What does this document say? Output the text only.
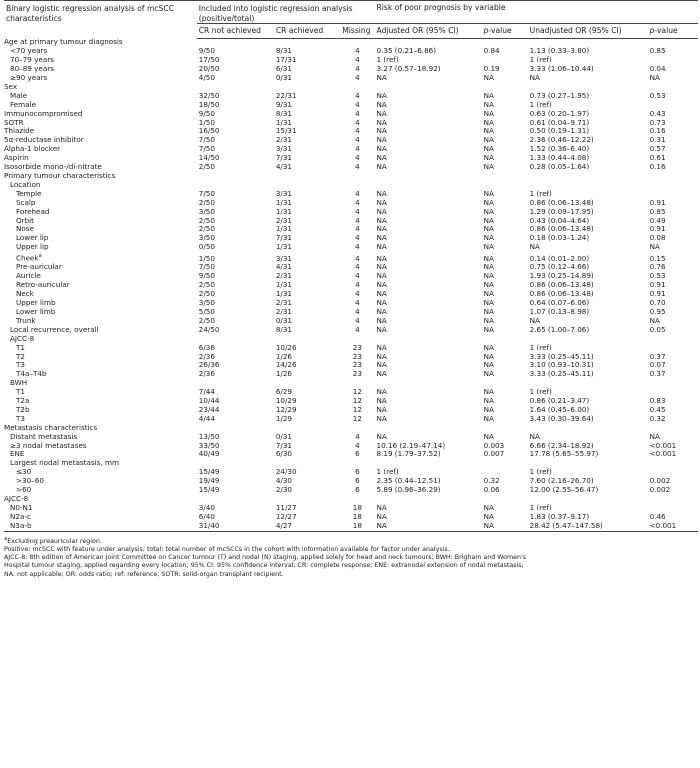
Binary logistic regression analysis of mcSCC characteristics	Included into logistic regression analysis (positive/total)			Risk of poor prognosis by variable			
	CR not achieved	CR achieved	Missing	Adjusted OR (95% CI)	p-value	Unadjusted OR (95% CI)	p-value
Age at primary tumour diagnosis							
<70 years	9/50	8/31	4	0.35 (0.21–6.86)	0.84	1.13 (0.33–3.80)	0.85
70–79 years	17/50	17/31	4	1 (ref)		1 (ref)	
80–89 years	20/50	6/31	4	3.27 (0.57–18.92)	0.19	3.33 (1.06–10.44)	0.04
≥90 years	4/50	0/31	4	NA	NA	NA	NA
Sex							
Male	32/50	22/31	4	NA	NA	0.73 (0.27–1.95)	0.53
Female	18/50	9/31	4	NA	NA	1 (ref)	
Immunocompromised	9/50	8/31	4	NA	NA	0.63 (0.20–1.97)	0.43
SOTR	1/50	1/31	4	NA	NA	0.61 (0.04–9.71)	0.73
Thiazide	16/50	15/31	4	NA	NA	0.50 (0.19–1.31)	0.16
5α-reductase inhibitor	7/50	2/31	4	NA	NA	2.36 (0.46–12.22)	0.31
Alpha-1 blocker	7/50	3/31	4	NA	NA	1.52 (0.36–6.40)	0.57
Aspirin	14/50	7/31	4	NA	NA	1.33 (0.44–4.08)	0.61
Isosorbide mono-/di-nitrate	2/50	4/31	4	NA	NA	0.28 (0.05–1.64)	0.16
Primary tumour characteristics							
Location							
Temple	7/50	3/31	4	NA	NA	1 (ref)	
Scalp	2/50	1/31	4	NA	NA	0.86 (0.06–13.48)	0.91
Forehead	3/50	1/31	4	NA	NA	1.29 (0.09–17.95)	0.85
Orbit	2/50	2/31	4	NA	NA	0.43 (0.04–4.64)	0.49
Nose	2/50	1/31	4	NA	NA	0.86 (0.06–13.48)	0.91
Lower lip	3/50	7/31	4	NA	NA	0.18 (0.03–1.24)	0.08
Upper lip	0/50	1/31	4	NA	NA	NA	NA
Cheek$^a$	1/50	3/31	4	NA	NA	0.14 (0.01–2.00)	0.15
Pre-auricular	7/50	4/31	4	NA	NA	0.75 (0.12–4.66)	0.76
Auricle	9/50	2/31	4	NA	NA	1.93 (0.25–14.89)	0.53
Retro-auricular	2/50	1/31	4	NA	NA	0.86 (0.06–13.48)	0.91
Neck	2/50	1/31	4	NA	NA	0.86 (0.06–13.48)	0.91
Upper limb	3/50	2/31	4	NA	NA	0.64 (0.07–6.06)	0.70
Lower limb	5/50	2/31	4	NA	NA	1.07 (0.13–8.98)	0.95
Trunk	2/50	0/31	4	NA	NA	NA	NA
Local recurrence, overall	24/50	8/31	4	NA	NA	2.65 (1.00–7.06)	0.05
AJCC-8							
T1	6/36	10/26	23	NA	NA	1 (ref)	
T2	2/36	1/26	23	NA	NA	3.33 (0.25–45.11)	0.37
T3	26/36	14/26	23	NA	NA	3.10 (0.93–10.31)	0.07
T4a–T4b	2/36	1/26	23	NA	NA	3.33 (0.25–45.11)	0.37
BWH							
T1	7/44	6/29	12	NA	NA	1 (ref)	
T2a	10/44	10/29	12	NA	NA	0.86 (0.21–3.47)	0.83
T2b	23/44	12/29	12	NA	NA	1.64 (0.45–6.00)	0.45
T3	4/44	1/29	12	NA	NA	3.43 (0.30–39.64)	0.32
Metastasis characteristics							
Distant metastasis	13/50	0/31	4	NA	NA	NA	NA
≥3 nodal metastases	33/50	7/31	4	10.16 (2.19–47.14)	0.003	6.66 (2.34–18.92)	<0.001
ENE	40/49	6/30	6	8.19 (1.79–37.52)	0.007	17.78 (5.65–55.97)	<0.001
Largest nodal metastasis, mm							
≤30	15/49	24/30	6	1 (ref)		1 (ref)	
>30–60	19/49	4/30	6	2.35 (0.44–12.51)	0.32	7.60 (2.16–26.70)	0.002
>60	15/49	2/30	6	5.89 (0.96–36.29)	0.06	12.00 (2.55–56.47)	0.002
AJCC-8							
N0-N1	3/40	11/27	18	NA	NA	1 (ref)	
N2a-c	6/40	12/27	18	NA	NA	1.83 (0.37–9.17)	0.46
N3a-b	31/40	4/27	18	NA	NA	28.42 (5.47–147.58)	<0.001
$^a$Excluding preauricular region.
Positive: mcSCC with feature under analysis; total: total number of mcSCCs in the cohort with information available for factor under analysis.
AJCC-8: 8th edition of American Joint Committee on Cancer tumour (T) and nodal (N) staging, applied solely for head and neck tumours; BWH: Brigham and Women's
Hospital tumour staging, applied regarding every location; 95% CI: 95% confidence interval; CR: complete response; ENE: extranodal extension of nodal metastasis;
NA: not applicable; OR: odds ratio; ref: reference; SOTR: solid-organ transplant recipient.
